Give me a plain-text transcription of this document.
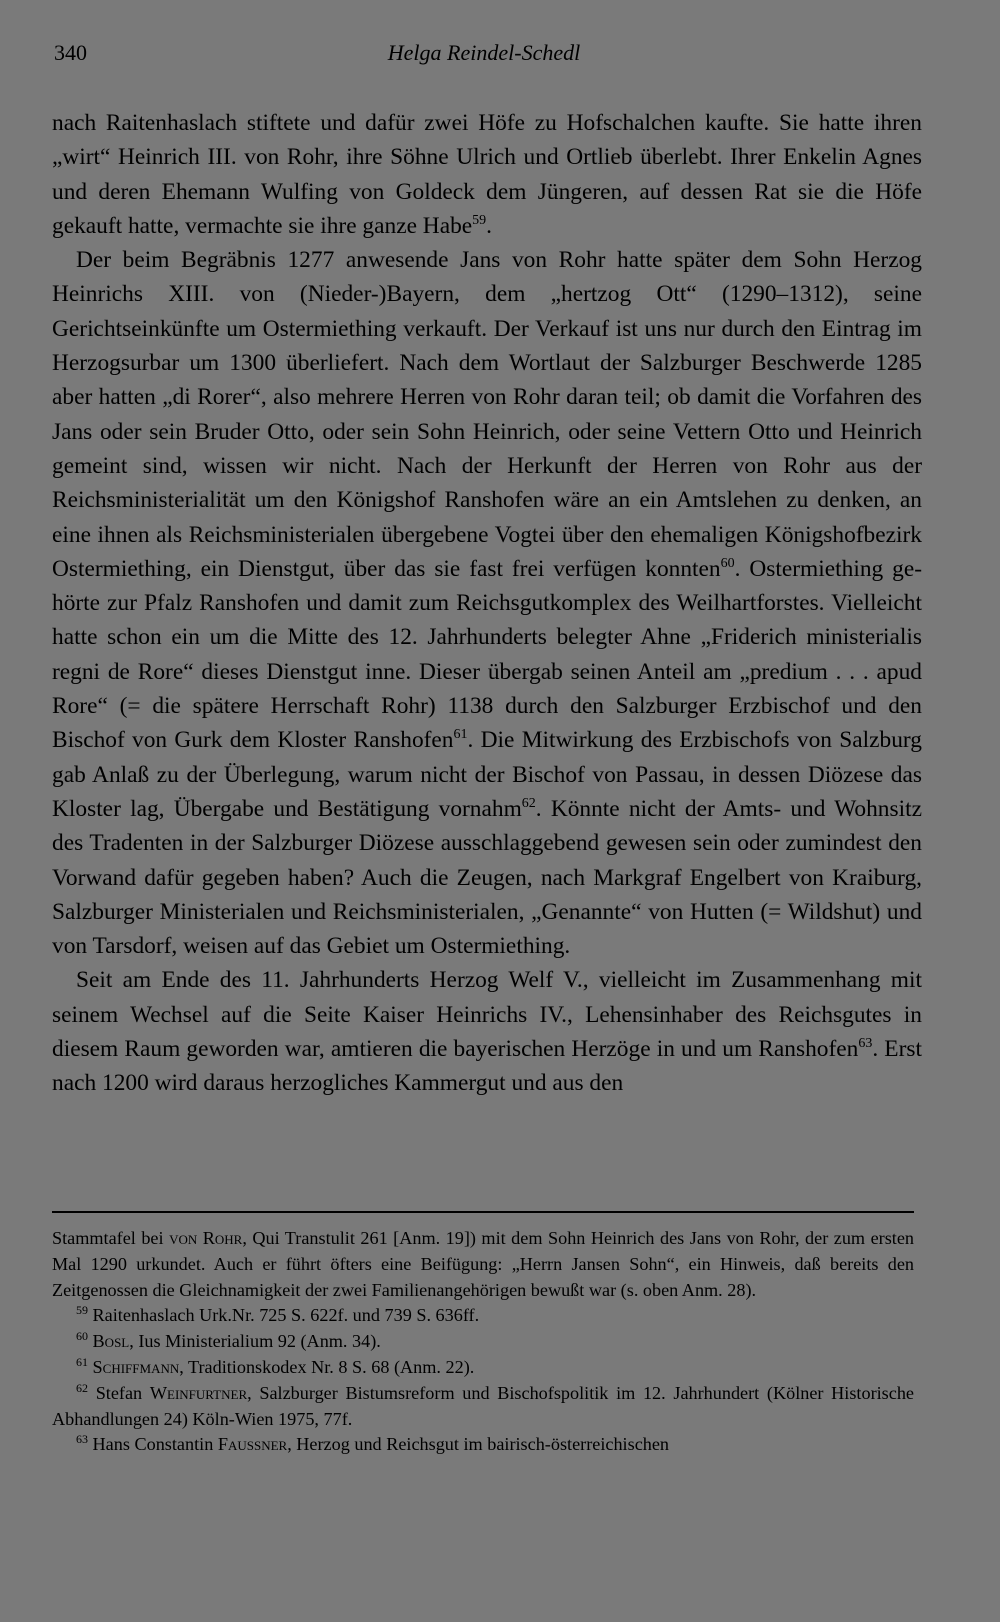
340	Helga Reindel-Schedl

nach Raitenhaslach stiftete und dafür zwei Höfe zu Hofschalchen kaufte. Sie hatte ihren „wirt“ Heinrich III. von Rohr, ihre Söhne Ulrich und Ortlieb überlebt. Ihrer Enkelin Agnes und deren Ehemann Wulfing von Goldeck dem Jüngeren, auf dessen Rat sie die Höfe gekauft hatte, vermachte sie ihre ganze Habe$^{59}$.

Der beim Begräbnis 1277 anwesende Jans von Rohr hatte später dem Sohn Herzog Heinrichs XIII. von (Nieder-)Bayern, dem „hertzog Ott“ (1290–1312), seine Gerichtseinkünfte um Ostermiething verkauft. Der Verkauf ist uns nur durch den Eintrag im Herzogsurbar um 1300 überliefert. Nach dem Wortlaut der Salzburger Beschwerde 1285 aber hatten „di Rorer“, also mehrere Herren von Rohr daran teil; ob damit die Vorfahren des Jans oder sein Bruder Otto, oder sein Sohn Heinrich, oder seine Vettern Otto und Heinrich gemeint sind, wissen wir nicht. Nach der Herkunft der Herren von Rohr aus der Reichsministerialität um den Königshof Ranshofen wäre an ein Amtslehen zu denken, an eine ihnen als Reichsministerialen übergebene Vogtei über den ehemaligen Königshofbezirk Ostermiething, ein Dienstgut, über das sie fast frei verfügen konnten$^{60}$. Ostermiething gehörte zur Pfalz Ranshofen und damit zum Reichsgutkomplex des Weilhartforstes. Vielleicht hatte schon ein um die Mitte des 12. Jahrhunderts belegter Ahne „Friderich ministerialis regni de Rore“ dieses Dienstgut inne. Dieser übergab seinen Anteil am „predium . . . apud Rore“ (= die spätere Herrschaft Rohr) 1138 durch den Salzburger Erzbischof und den Bischof von Gurk dem Kloster Ranshofen$^{61}$. Die Mitwirkung des Erzbischofs von Salzburg gab Anlaß zu der Überlegung, warum nicht der Bischof von Passau, in dessen Diözese das Kloster lag, Übergabe und Bestätigung vornahm$^{62}$. Könnte nicht der Amts- und Wohnsitz des Tradenten in der Salzburger Diözese ausschlaggebend gewesen sein oder zumindest den Vorwand dafür gegeben haben? Auch die Zeugen, nach Markgraf Engelbert von Kraiburg, Salzburger Ministerialen und Reichsministerialen, „Genannte“ von Hutten (= Wildshut) und von Tarsdorf, weisen auf das Gebiet um Ostermiething.

Seit am Ende des 11. Jahrhunderts Herzog Welf V., vielleicht im Zusammenhang mit seinem Wechsel auf die Seite Kaiser Heinrichs IV., Lehensinhaber des Reichsgutes in diesem Raum geworden war, amtieren die bayerischen Herzöge in und um Ranshofen$^{63}$. Erst nach 1200 wird daraus herzogliches Kammergut und aus den

Stammtafel bei von Rohr, Qui Transtulit 261 [Anm. 19]) mit dem Sohn Heinrich des Jans von Rohr, der zum ersten Mal 1290 urkundet. Auch er führt öfters eine Beifügung: „Herrn Jansen Sohn“, ein Hinweis, daß bereits den Zeitgenossen die Gleichnamigkeit der zwei Familienangehörigen bewußt war (s. oben Anm. 28).

$^{59}$ Raitenhaslach Urk.Nr. 725 S. 622f. und 739 S. 636ff.

$^{60}$ Bosl, Ius Ministerialium 92 (Anm. 34).

$^{61}$ Schiffmann, Traditionskodex Nr. 8 S. 68 (Anm. 22).

$^{62}$ Stefan Weinfurtner, Salzburger Bistumsreform und Bischofspolitik im 12. Jahrhundert (Kölner Historische Abhandlungen 24) Köln-Wien 1975, 77f.

$^{63}$ Hans Constantin Faussner, Herzog und Reichsgut im bairisch-österreichischen
